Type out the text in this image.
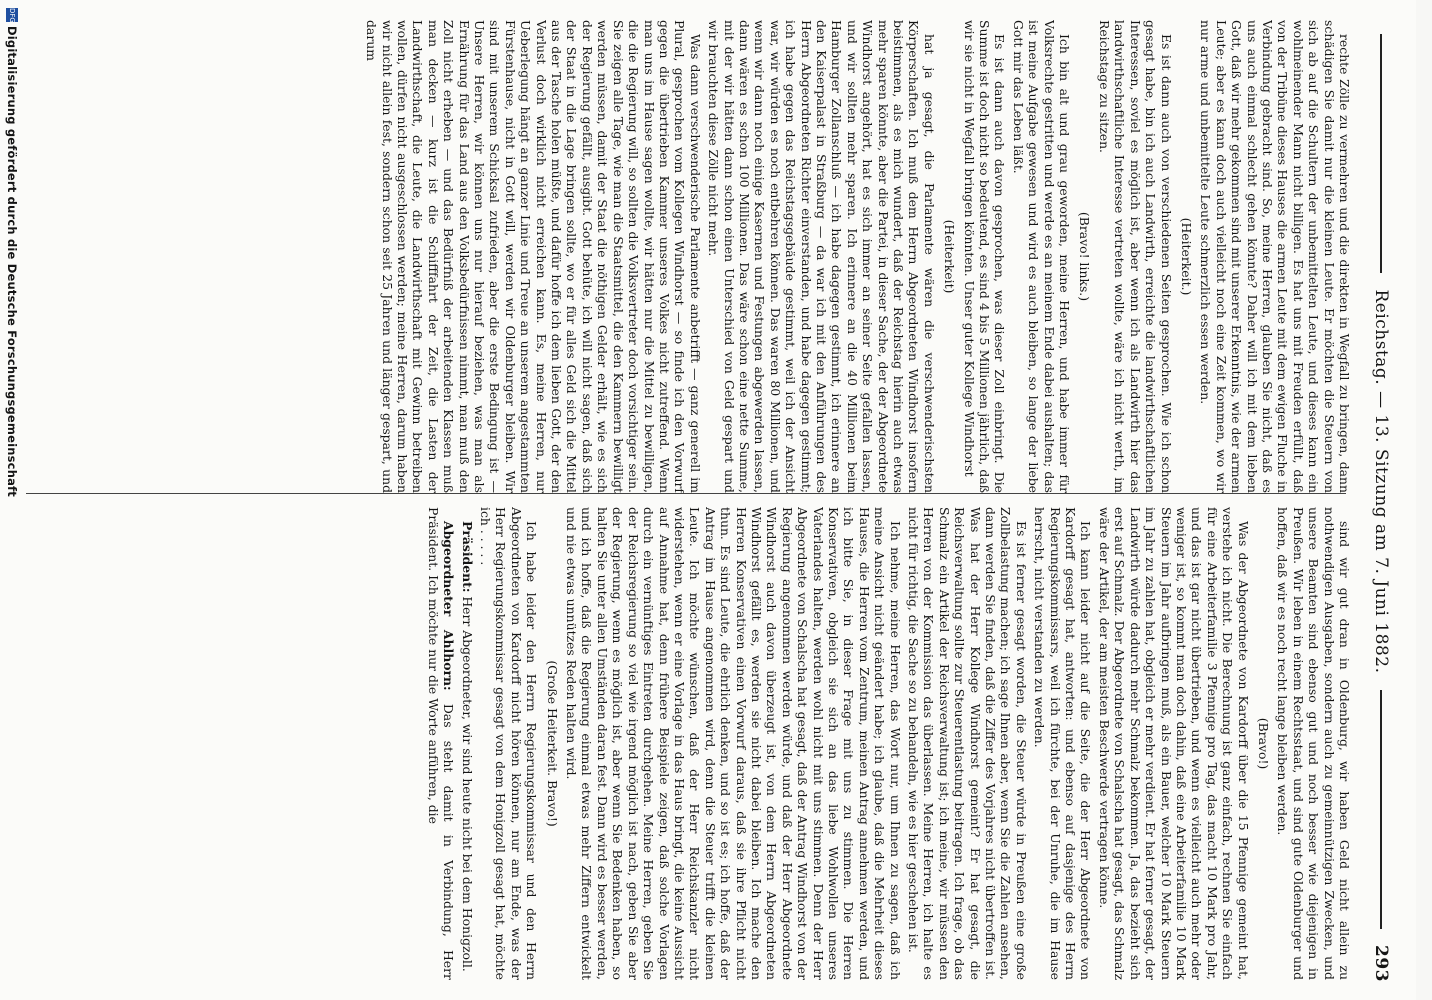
Reichstag. — 13. Sitzung am 7. Juni 1882.
293

rechte Zölle zu vermehren und die direkten in Wegfall zu bringen, dann schädigen Sie damit nur die kleinen Leute. Er möchten die Steuern von sich ab auf die Schultern der unbemittelten Leute, und dieses kann ein wohlmeinender Mann nicht billigen. Es hat uns mit Freuden erfüllt, daß von der Tribüne dieses Hauses die armen Leute mit dem ewigen Fluche in Verbindung gebracht sind. So, meine Herren, glauben Sie nicht, daß es uns auch einmal schlecht gehen könnte? Daher will ich mit dem lieben Gott, daß wir mehr gekommen sind mit unserer Erkenntnis, wie der armen Leute; aber es kann doch auch vielleicht noch eine Zeit kommen, wo wir nur arme und unbemittelte Leute schmerzlich essen werden.

(Heiterkeit.)

Es ist dann auch von verschiedenen Seiten gesprochen. Wie ich schon gesagt habe, bin ich auch Landwirth, erreichte die landwirthschaftlichen Interessen, soviel es möglich ist, aber wenn ich als Landwirth hier das landwirthschaftliche Interesse vertreten wollte, wäre ich nicht werth, im Reichstage zu sitzen.

(Bravo! links.)

Ich bin alt und grau geworden, meine Herren, und habe immer für Volksrechte gestritten und werde es an meinem Ende dabei aushalten; das ist meine Aufgabe gewesen und wird es auch bleiben, so lange der liebe Gott mir das Leben läßt.

Es ist dann auch davon gesprochen, was dieser Zoll einbringt. Die Summe ist doch nicht so bedeutend, es sind 4 bis 5 Millionen jährlich, daß wir sie nicht in Wegfall bringen könnten. Unser guter Kollege Windhorst

(Heiterkeit)

hat ja gesagt, die Parlamente wären die verschwenderischsten Körperschaften. Ich muß dem Herrn Abgeordneten Windhorst insofern beistimmen, als es mich wundert, daß der Reichstag hierin auch etwas mehr sparen könnte, aber die Partei, in dieser Sache, der der Abgeordnete Windhorst angehört, hat es sich immer an seiner Seite gefallen lassen, und wir sollten mehr sparen. Ich erinnere an die 40 Millionen beim Hamburger Zollanschluß — ich habe dagegen gestimmt, ich erinnere an den Kaiserpalast in Straßburg — da war ich mit den Anführungen des Herrn Abgeordneten Richter einverstanden, und habe dagegen gestimmt; ich habe gegen das Reichstagsgebäude gestimmt, weil ich der Ansicht war, wir würden es noch entbehren können. Das waren 80 Millionen, und wenn wir dann noch einige Kasernen und Festungen abgewerden lassen, dann wären es schon 100 Millionen. Das wäre schon eine nette Summe, mit der wir hätten dann schon einen Unterschied von Geld gespart und wir brauchten diese Zölle nicht mehr.

Was dann verschwenderische Parlamente anbetrifft — ganz generell im Plural, gesprochen vom Kollegen Windhorst — so finde ich den Vorwurf gegen die übertrieben Kammer unseres Volkes nicht zutreffend. Wenn man uns im Hause sagen wollte, wir hätten nur die Mittel zu bewilligen, die die Regierung will, so sollten die Volksvertreter doch vorsichtiger sein. Sie zeigen alle Tage, wie man die Staatsmittel, die den Kammern bewilligt werden müssen, damit der Staat die nöthigen Gelder erhält, wie es sich der Regierung gefällt, ausgibt. Gott behüte, ich will nicht sagen, daß sich der Staat in die Lage bringen sollte, wo er für alles Geld sich die Mittel aus der Tasche holen müßte, und dafür hoffe ich dem lieben Gott, der den Verlust doch wirklich nicht erreichen kann. Es, meine Herren, nur Ueberlegung hängt an ganzer Linie und Treue an unserem angestammten Fürstenhause, nicht in Gott will, werden wir Oldenburger bleiben. Wir sind mit unserem Schicksal zufrieden, aber die erste Bedingung ist — Unsere Herren, wir können uns nur hierauf beziehen, was man als Ernährung für das Land aus den Volksbedürfnissen nimmt, man muß den Zoll nicht erheben — und das Bedürfniß der arbeitenden Klassen muß man decken — kurz ist die Schifffahrt der Zeit, die Lasten der Landwirthschaft, die Leute, die Landwirthschaft mit Gewinn betreiben wollen, dürfen nicht ausgeschlossen werden; meine Herren, darum haben wir nicht allein fest, sondern schon seit 25 Jahren und länger gespart, und darum

sind wir gut dran in Oldenburg, wir haben Geld nicht allein zu nothwendigen Ausgaben, sondern auch zu gemeinnützigen Zwecken, und unsere Beamten sind ebenso gut und noch besser wie diejenigen in Preußen. Wir leben in einem Rechtsstaat, und sind gute Oldenburger und hoffen, daß wir es noch recht lange bleiben werden.

(Bravo!)

Was der Abgeordnete von Kardorff über die 15 Pfennige gemeint hat, verstehe ich nicht. Die Berechnung ist ganz einfach, rechnen Sie einfach für eine Arbeiterfamilie 3 Pfennige pro Tag, das macht 10 Mark pro Jahr, und das ist gar nicht übertrieben, und wenn es vielleicht auch mehr oder weniger ist, so kommt man doch dahin, daß eine Arbeiterfamilie 10 Mark Steuern im Jahr aufbringen muß, als ein Bauer, welcher 10 Mark Steuern im Jahr zu zahlen hat, obgleich er mehr verdient. Er hat ferner gesagt, der Landwirth würde dadurch mehr Schmalz bekommen. Ja, das bezieht sich erst auf Schmalz. Der Abgeordnete von Schalscha hat gesagt, das Schmalz wäre der Artikel, der am meisten Beschwerde vertragen könne.

Ich kann leider nicht auf die Seite, die der Herr Abgeordnete von Kardorff gesagt hat, antworten: und ebenso auf dasjenige des Herrn Regierungskommissars, weil ich fürchte, bei der Unruhe, die im Hause herrscht, nicht verstanden zu werden.

Es ist ferner gesagt worden, die Steuer würde in Preußen eine große Zollbelastung machen; ich sage Ihnen aber, wenn Sie die Zahlen ansehen, dann werden Sie finden, daß die Ziffer des Vorjahres nicht übertroffen ist. Was hat der Herr Kollege Windhorst gemeint? Er hat gesagt, die Reichsverwaltung sollte zur Steuerentlastung beitragen. Ich frage, ob das Schmalz ein Artikel der Reichsverwaltung ist; ich meine, wir müssen den Herren von der Kommission das überlassen. Meine Herren, ich halte es nicht für richtig, die Sache so zu behandeln, wie es hier geschehen ist.

Ich nehme, meine Herren, das Wort nur, um Ihnen zu sagen, daß ich meine Ansicht nicht geändert habe; ich glaube, daß die Mehrheit dieses Hauses, die Herren vom Zentrum, meinen Antrag annehmen werden, und ich bitte Sie, in dieser Frage mit uns zu stimmen. Die Herren Konservativen, obgleich sie sich an das liebe Wohlwollen unseres Vaterlandes halten, werden wohl nicht mit uns stimmen. Denn der Herr Abgeordnete von Schalscha hat gesagt, daß der Antrag Windhorst von der Regierung angenommen werden würde, und daß der Herr Abgeordnete Windhorst auch davon überzeugt ist, von dem Herrn Abgeordneten Windhorst gefällt es, werden sie nicht dabei bleiben. Ich mache den Herren Konservativen einen Vorwurf daraus, daß sie ihre Pflicht nicht thun. Es sind Leute, die ehrlich denken, und so ist es; ich hoffe, daß der Antrag im Hause angenommen wird, denn die Steuer trifft die kleinen Leute. Ich möchte wünschen, daß der Herr Reichskanzler nicht widerstehen, wenn er eine Vorlage in das Haus bringt, die keine Aussicht auf Annahme hat, denn frühere Beispiele zeigen, daß solche Vorlagen durch ein vernünftiges Eintreten durchgehen. Meine Herren, geben Sie der Reichsregierung so viel wie irgend möglich ist nach, geben Sie aber der Regierung, wenn es möglich ist, aber wenn Sie Bedenken haben, so halten Sie unter allen Umständen daran fest. Dann wird es besser werden, und ich hoffe, daß die Regierung einmal etwas mehr Ziffern entwickelt und nie etwas unnützes Reden halten wird.

(Große Heiterkeit. Bravo!)

Ich habe leider den Herrn Regierungskommissar und den Herrn Abgeordneten von Kardorff nicht hören können, nur am Ende, was der Herr Regierungskommissar gesagt von dem Honigzoll gesagt hat, möchte ich . . . . .

Präsident: Herr Abgeordneter, wir sind heute nicht bei dem Honigzoll.

Abgeordneter Ahlhorn: Das steht damit in Verbindung, Herr Präsident. Ich möchte nur die Worte anführen, die

DFG
Digitalisierung gefördert durch die Deutsche Forschungsgemeinschaft
